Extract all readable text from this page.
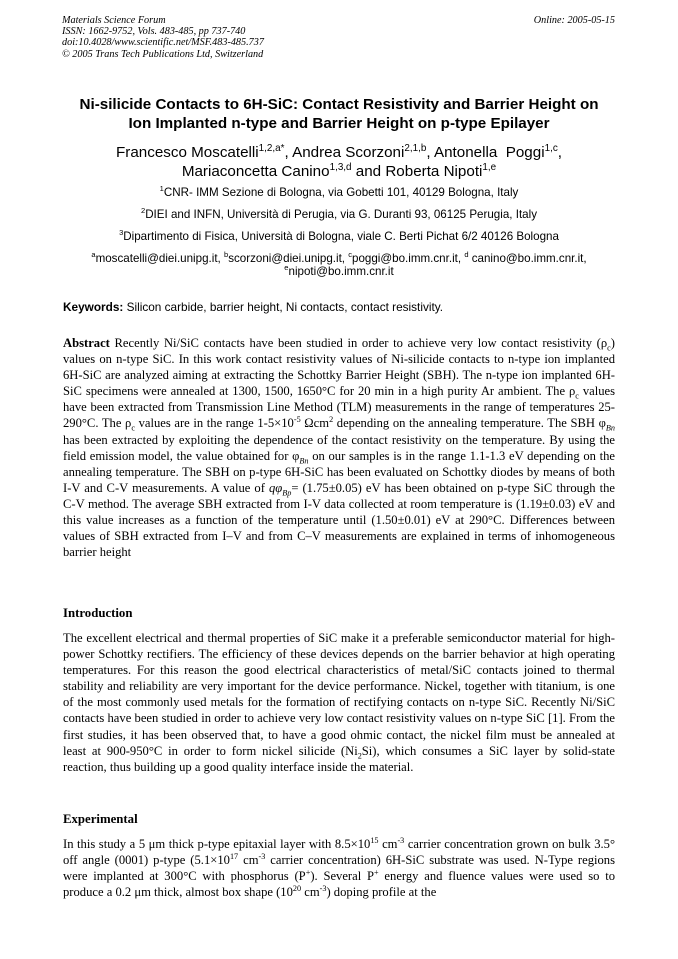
Materials Science Forum
ISSN: 1662-9752, Vols. 483-485, pp 737-740
doi:10.4028/www.scientific.net/MSF.483-485.737
© 2005 Trans Tech Publications Ltd, Switzerland
Online: 2005-05-15
Ni-silicide Contacts to 6H-SiC: Contact Resistivity and Barrier Height on
Ion Implanted n-type and Barrier Height on p-type Epilayer
Francesco Moscatelli$^{1,2,a*}$, Andrea Scorzoni$^{2,1,b}$, Antonella  Poggi$^{1,c}$,
Mariaconcetta Canino$^{1,3,d}$ and Roberta Nipoti$^{1,e}$
$^1$CNR- IMM Sezione di Bologna, via Gobetti 101, 40129 Bologna, Italy
$^2$DIEI and INFN, Università di Perugia, via G. Duranti 93, 06125 Perugia, Italy
$^3$Dipartimento di Fisica, Università di Bologna, viale C. Berti Pichat 6/2 40126 Bologna
$^a$moscatelli@diei.unipg.it, $^b$scorzoni@diei.unipg.it, $^c$poggi@bo.imm.cnr.it, $^d$ canino@bo.imm.cnr.it,
$^e$nipoti@bo.imm.cnr.it
Keywords: Silicon carbide, barrier height, Ni contacts, contact resistivity.
Abstract Recently Ni/SiC contacts have been studied in order to achieve very low contact resistivity $(\rho_c)$ values on n-type SiC. In this work contact resistivity values of Ni-silicide contacts to n-type ion implanted 6H-SiC are analyzed aiming at extracting the Schottky Barrier Height (SBH). The n-type ion implanted 6H-SiC specimens were annealed at 1300, 1500, 1650°C for 20 min in a high purity Ar ambient. The $\rho_c$ values have been extracted from Transmission Line Method (TLM) measurements in the range of temperatures 25-290°C. The $\rho_c$ values are in the range $1-5\times 10^{-5}$ Ωcm$^2$ depending on the annealing temperature. The SBH $\varphi_{Bn}$ has been extracted by exploiting the dependence of the contact resistivity on the temperature. By using the field emission model, the value obtained for $\varphi_{Bn}$ on our samples is in the range 1.1-1.3 eV depending on the annealing temperature. The SBH on p-type 6H-SiC has been evaluated on Schottky diodes by means of both I-V and C-V measurements. A value of $q\varphi_{Bp}= (1.75\pm 0.05)$ eV has been obtained on p-type SiC through the C-V method. The average SBH extracted from I-V data collected at room temperature is (1.19±0.03) eV and this value increases as a function of the temperature until (1.50±0.01) eV at 290°C. Differences between values of SBH extracted from I–V and from C–V measurements are explained in terms of inhomogeneous barrier height
Introduction
The excellent electrical and thermal properties of SiC make it a preferable semiconductor material for high-power Schottky rectifiers. The efficiency of these devices depends on the barrier behavior at high operating temperatures. For this reason the good electrical characteristics of metal/SiC contacts joined to thermal stability and reliability are very important for the device performance. Nickel, together with titanium, is one of the most commonly used metals for the formation of rectifying contacts on n-type SiC. Recently Ni/SiC contacts have been studied in order to achieve very low contact resistivity values on n-type SiC [1]. From the first studies, it has been observed that, to have a good ohmic contact, the nickel film must be annealed at least at 900-950°C in order to form nickel silicide $(Ni_2Si)$, which consumes a SiC layer by solid-state reaction, thus building up a good quality interface inside the material.
Experimental
In this study a 5 μm thick p-type epitaxial layer with $8.5\times 10^{15}$ $cm^{-3}$ carrier concentration grown on bulk 3.5° off angle (0001) p-type ($5.1\times 10^{17}$ $cm^{-3}$ carrier concentration) 6H-SiC substrate was used. N-Type regions were implanted at 300°C with phosphorus (P+). Several P+ energy and fluence values were used so to produce a 0.2 μm thick, almost box shape ($10^{20}$ $cm^{-3}$) doping profile at the
